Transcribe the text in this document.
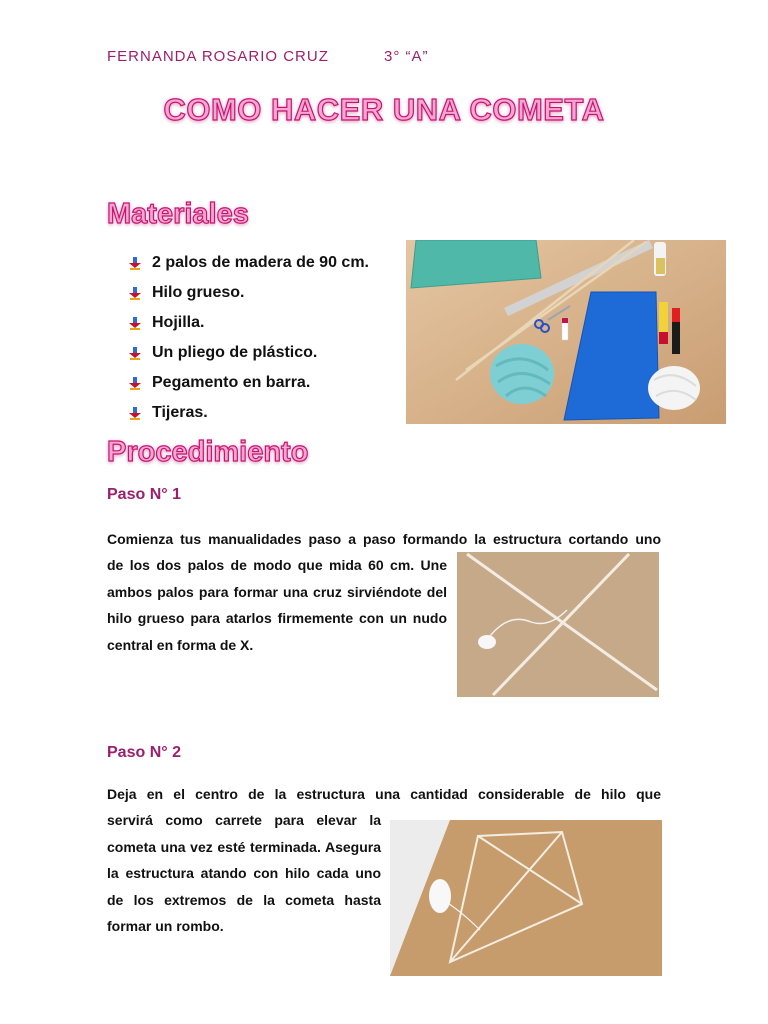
FERNANDA ROSARIO CRUZ	3° “A”
COMO HACER UNA COMETA
Materiales
2 palos de madera de 90 cm.
Hilo grueso.
Hojilla.
Un pliego de plástico.
Pegamento en barra.
Tijeras.
Procedimiento
Paso N° 1

Comienza tus manualidades paso a paso formando la estructura cortando uno

de los dos palos de modo que mida 60 cm. Une ambos palos para formar una cruz sirviéndote del hilo grueso para atarlos firmemente con un nudo central en forma de X.

Paso N° 2

Deja en el centro de la estructura una cantidad considerable de hilo que

servirá como carrete para elevar la cometa una vez esté terminada. Asegura la estructura atando con hilo cada uno de los extremos de la cometa hasta formar un rombo.
